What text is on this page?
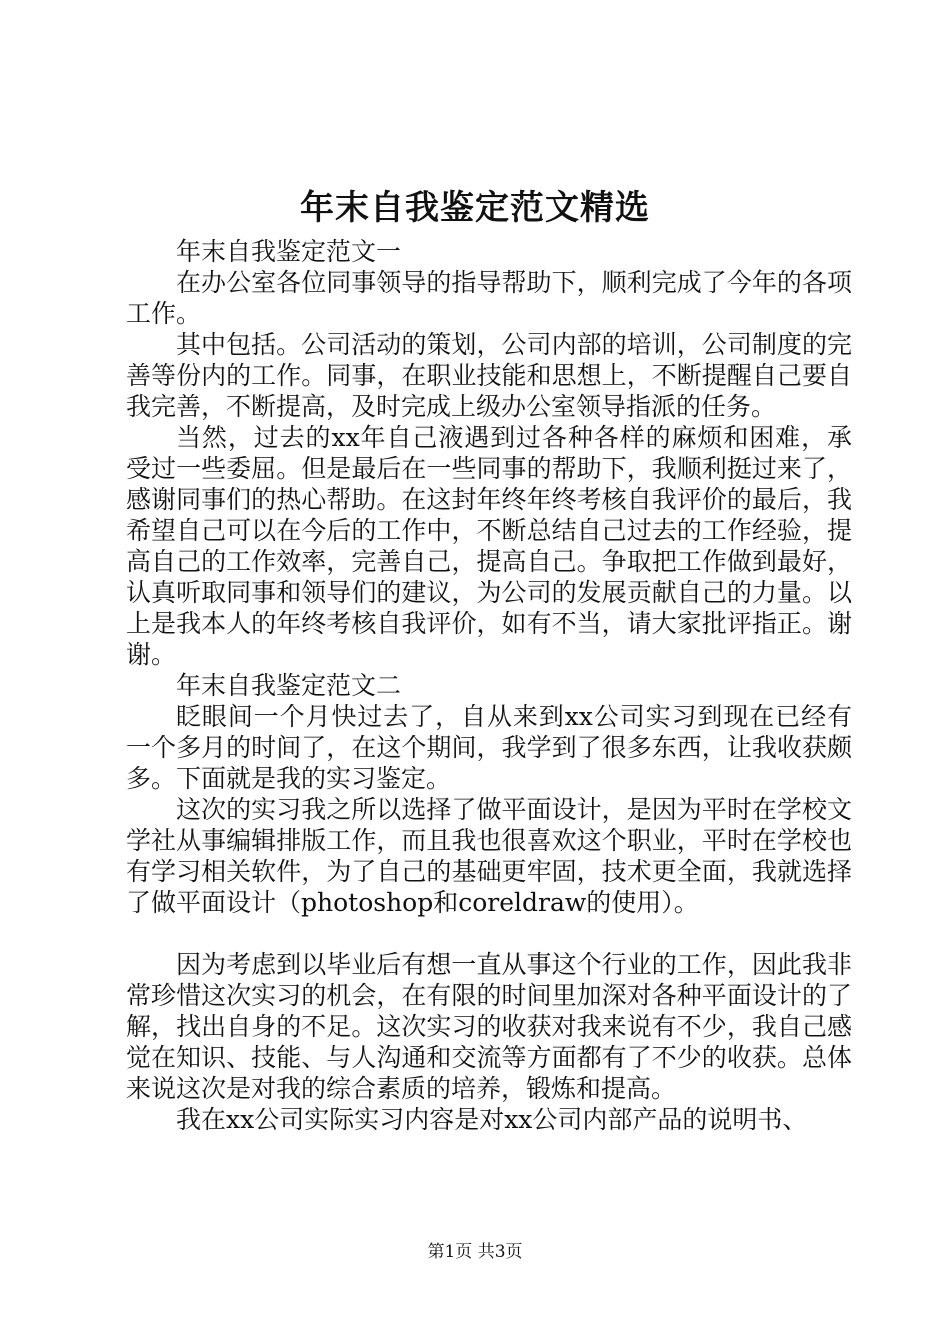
年末自我鉴定范文精选

年末自我鉴定范文一

在办公室各位同事领导的指导帮助下，顺利完成了今年的各项工作。

其中包括。公司活动的策划，公司内部的培训，公司制度的完善等份内的工作。同事，在职业技能和思想上，不断提醒自己要自我完善，不断提高，及时完成上级办公室领导指派的任务。

当然，过去的xx年自己液遇到过各种各样的麻烦和困难，承受过一些委屈。但是最后在一些同事的帮助下，我顺利挺过来了，感谢同事们的热心帮助。在这封年终年终考核自我评价的最后，我希望自己可以在今后的工作中，不断总结自己过去的工作经验，提高自己的工作效率，完善自己，提高自己。争取把工作做到最好，认真听取同事和领导们的建议，为公司的发展贡献自己的力量。以上是我本人的年终考核自我评价，如有不当，请大家批评指正。谢谢。

年末自我鉴定范文二

眨眼间一个月快过去了，自从来到xx公司实习到现在已经有一个多月的时间了，在这个期间，我学到了很多东西，让我收获颇多。下面就是我的实习鉴定。

这次的实习我之所以选择了做平面设计，是因为平时在学校文学社从事编辑排版工作，而且我也很喜欢这个职业，平时在学校也有学习相关软件，为了自己的基础更牢固，技术更全面，我就选择了做平面设计（photoshop和coreldraw的使用）。

因为考虑到以毕业后有想一直从事这个行业的工作，因此我非常珍惜这次实习的机会，在有限的时间里加深对各种平面设计的了解，找出自身的不足。这次实习的收获对我来说有不少，我自己感觉在知识、技能、与人沟通和交流等方面都有了不少的收获。总体来说这次是对我的综合素质的培养，锻炼和提高。

我在xx公司实际实习内容是对xx公司内部产品的说明书、

第1页 共3页
